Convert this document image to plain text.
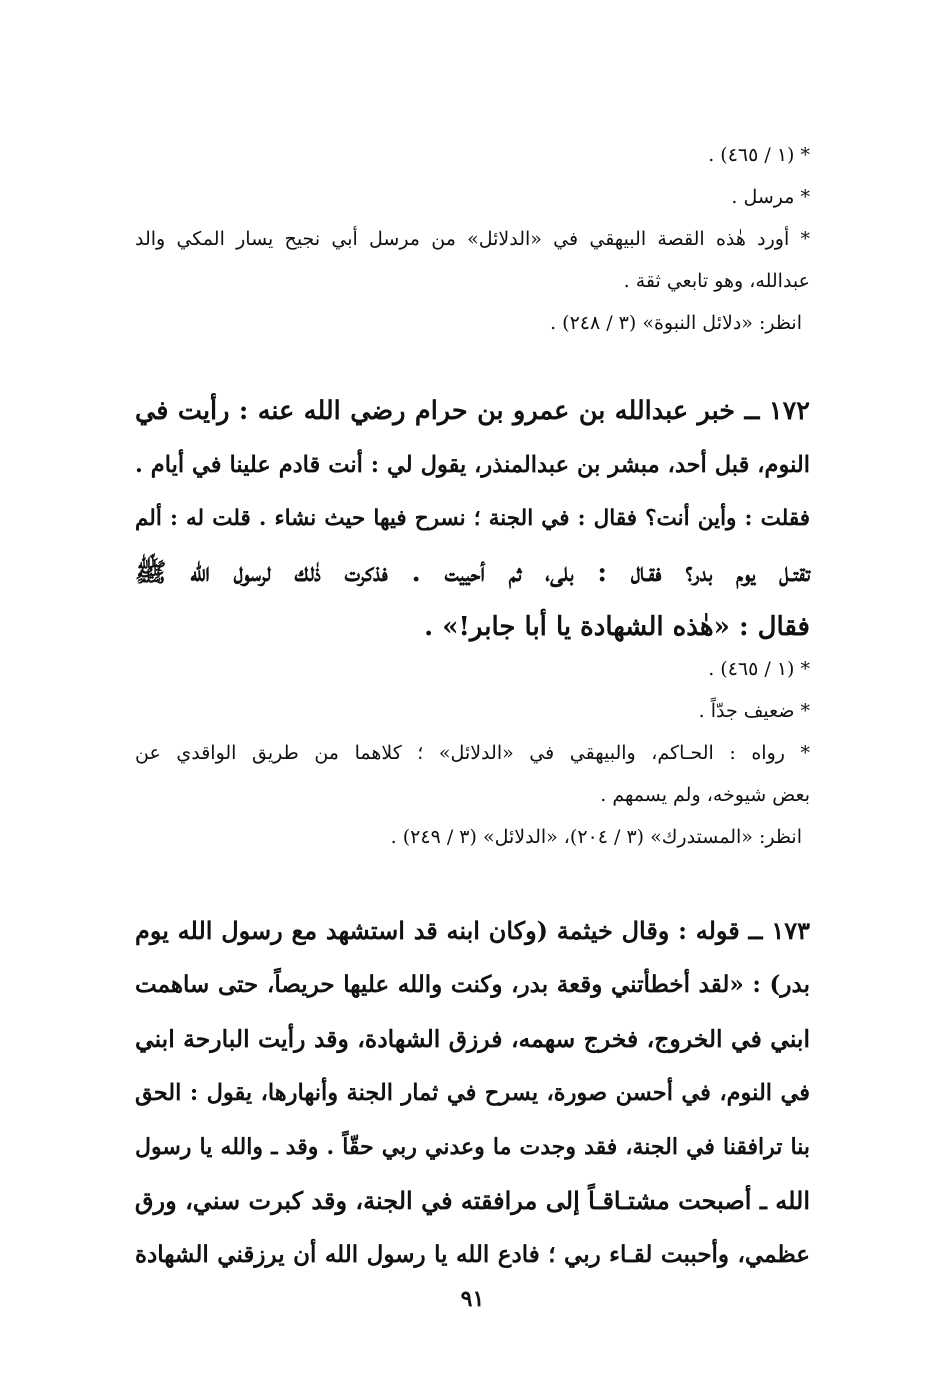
* (١ / ٤٦٥) .
* مرسل .
* أورد هٰذه القصة البيهقي في «الدلائل» من مرسل أبي نجيح يسار المكي والد
عبدالله، وهو تابعي ثقة .
انظر: «دلائل النبوة» (٣ / ٢٤٨) .
١٧٢ ــ خبر عبدالله بن عمرو بن حرام رضي الله عنه : رأيت في
النوم، قبل أحد، مبشر بن عبدالمنذر، يقول لي : أنت قادم علينا في أيام .
فقلت : وأين أنت؟ فقال : في الجنة ؛ نسرح فيها حيث نشاء . قلت له : ألم
تقتـل يوم بدر؟ فقـال : بلى، ثم أحييت . فذكرت ذٰلك لرسول الله ﷺ
فقال : «هٰذه الشهادة يا أبا جابر!» .
* (١ / ٤٦٥) .
* ضعيف جدّاً .
* رواه : الحـاكم، والبيهقي في «الدلائل» ؛ كلاهما من طريق الواقدي عن
بعض شيوخه، ولم يسمهم .
انظر: «المستدرك» (٣ / ٢٠٤)، «الدلائل» (٣ / ٢٤٩) .
١٧٣ ــ قوله : وقال خيثمة (وكان ابنه قد استشهد مع رسول الله يوم
بدر) : «لقد أخطأتني وقعة بدر، وكنت والله عليها حريصاً، حتى ساهمت
ابني في الخروج، فخرج سهمه، فرزق الشهادة، وقد رأيت البارحة ابني
في النوم، في أحسن صورة، يسرح في ثمار الجنة وأنهارها، يقول : الحق
بنا ترافقنا في الجنة، فقد وجدت ما وعدني ربي حقّاً . وقد ـ والله يا رسول
الله ـ أصبحت مشتـاقـاً إلى مرافقته في الجنة، وقد كبرت سني، ورق
عظمي، وأحببت لقـاء ربي ؛ فادع الله يا رسول الله أن يرزقني الشهادة
٩١
